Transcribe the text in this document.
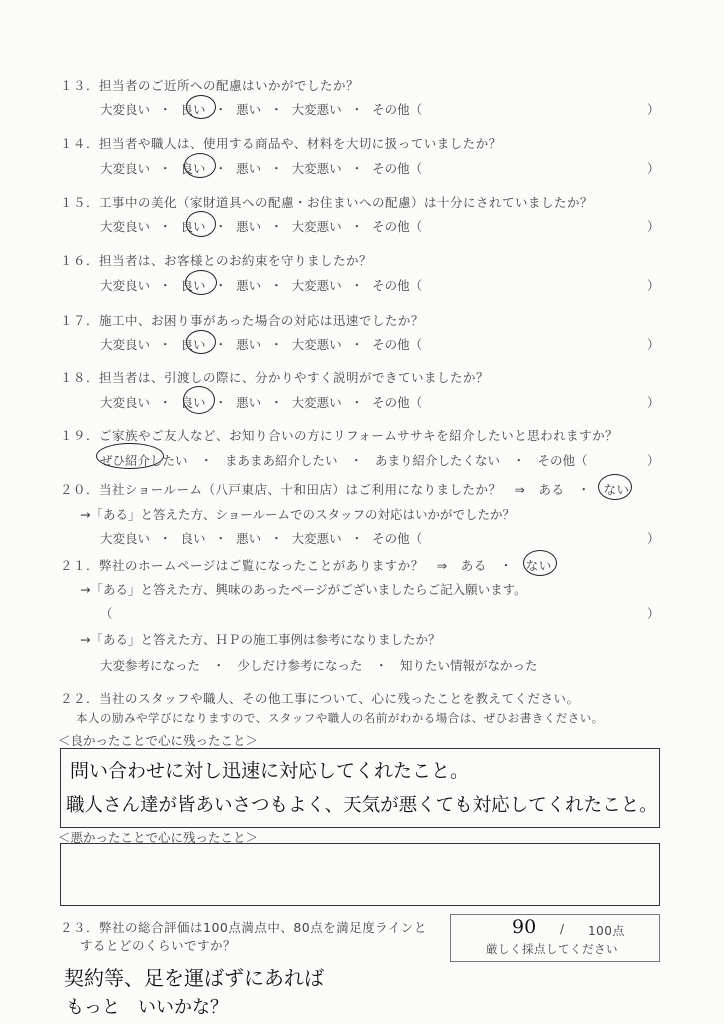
１３．担当者のご近所への配慮はいかがでしたか？
大変良い ・ 良い ・ 悪い ・ 大変悪い ・ その他（	）
１４．担当者や職人は、使用する商品や、材料を大切に扱っていましたか？
大変良い ・ 良い ・ 悪い ・ 大変悪い ・ その他（	）
１５．工事中の美化（家財道具への配慮・お住まいへの配慮）は十分にされていましたか？
大変良い ・ 良い ・ 悪い ・ 大変悪い ・ その他（	）
１６．担当者は、お客様とのお約束を守りましたか？
大変良い ・ 良い ・ 悪い ・ 大変悪い ・ その他（	）
１７．施工中、お困り事があった場合の対応は迅速でしたか？
大変良い ・ 良い ・ 悪い ・ 大変悪い ・ その他（	）
１８．担当者は、引渡しの際に、分かりやすく説明ができていましたか？
大変良い ・ 良い ・ 悪い ・ 大変悪い ・ その他（	）
１９．ご家族やご友人など、お知り合いの方にリフォームササキを紹介したいと思われますか？
ぜひ紹介したい　・　まあまあ紹介したい　・　あまり紹介したくない　・　その他（	）
２０．当社ショールーム（八戸東店、十和田店）はご利用になりましたか？　⇒　ある　・　ない
→「ある」と答えた方、ショールームでのスタッフの対応はいかがでしたか？
大変良い ・ 良い ・ 悪い ・ 大変悪い ・ その他（	）
２１．弊社のホームページはご覧になったことがありますか？　⇒　ある　・　ない
→「ある」と答えた方、興味のあったページがございましたらご記入願います。
（	）
→「ある」と答えた方、ＨＰの施工事例は参考になりましたか？
大変参考になった　・　少しだけ参考になった　・　知りたい情報がなかった
２２．当社のスタッフや職人、その他工事について、心に残ったことを教えてください。
本人の励みや学びになりますので、スタッフや職人の名前がわかる場合は、ぜひお書きください。
＜良かったことで心に残ったこと＞
問い合わせに対し迅速に対応してくれたこと。
職人さん達が皆あいさつもよく、天気が悪くても対応してくれたこと。
＜悪かったことで心に残ったこと＞
２３．弊社の総合評価は100点満点中、80点を満足度ラインと
するとどのくらいですか？
90 / 100点
厳しく採点してください
契約等、足を運ばずにあれば
もっと　いいかな？
